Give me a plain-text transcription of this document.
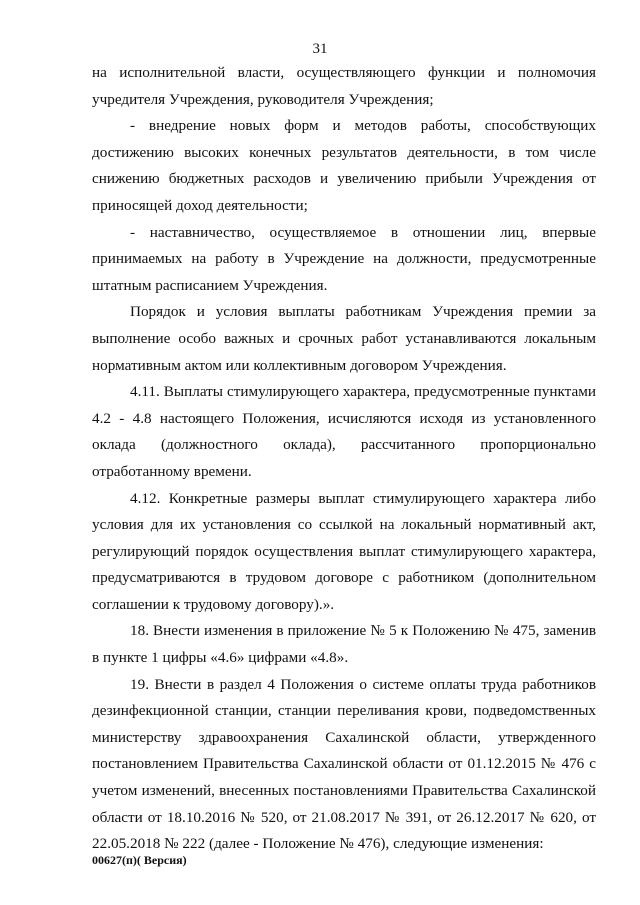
31

на исполнительной власти, осуществляющего функции и полномочия учредителя Учреждения, руководителя Учреждения;

- внедрение новых форм и методов работы, способствующих достижению высоких конечных результатов деятельности, в том числе снижению бюджетных расходов и увеличению прибыли Учреждения от приносящей доход деятельности;

- наставничество, осуществляемое в отношении лиц, впервые принимаемых на работу в Учреждение на должности, предусмотренные штатным расписанием Учреждения.

Порядок и условия выплаты работникам Учреждения премии за выполнение особо важных и срочных работ устанавливаются локальным нормативным актом или коллективным договором Учреждения.

4.11. Выплаты стимулирующего характера, предусмотренные пунктами 4.2 - 4.8 настоящего Положения, исчисляются исходя из установленного оклада (должностного оклада), рассчитанного пропорционально отработанному времени.

4.12. Конкретные размеры выплат стимулирующего характера либо условия для их установления со ссылкой на локальный нормативный акт, регулирующий порядок осуществления выплат стимулирующего характера, предусматриваются в трудовом договоре с работником (дополнительном соглашении к трудовому договору).».

18. Внести изменения в приложение № 5 к Положению № 475, заменив в пункте 1 цифры «4.6» цифрами «4.8».

19. Внести в раздел 4 Положения о системе оплаты труда работников дезинфекционной станции, станции переливания крови, подведомственных министерству здравоохранения Сахалинской области, утвержденного постановлением Правительства Сахалинской области от 01.12.2015 № 476 с учетом изменений, внесенных постановлениями Правительства Сахалинской области от 18.10.2016 № 520, от 21.08.2017 № 391, от 26.12.2017 № 620, от 22.05.2018 № 222 (далее - Положение № 476), следующие изменения:

00627(п)( Версия)
